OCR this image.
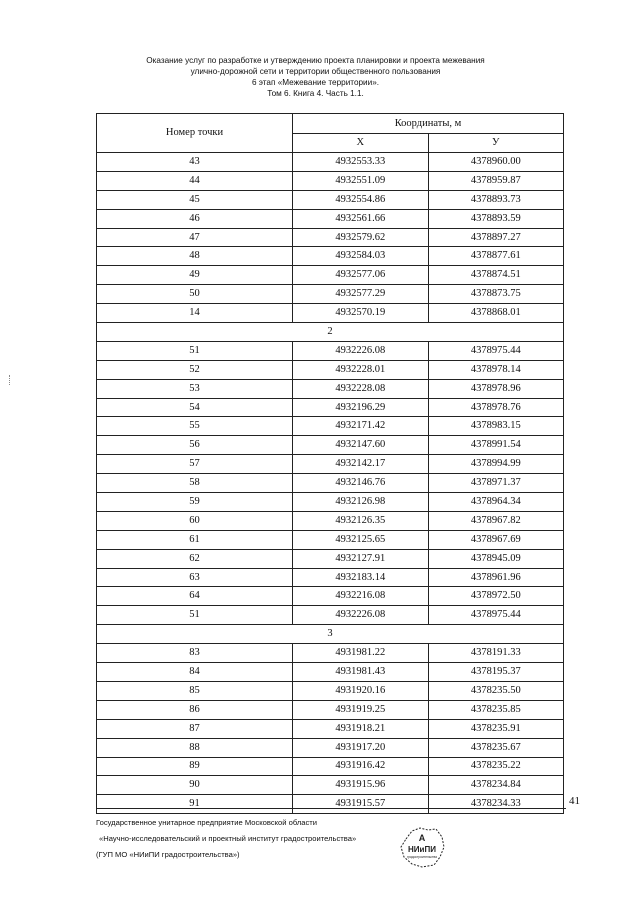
Оказание услуг по разработке и утверждению проекта планировки и проекта межевания
улично-дорожной сети и территории общественного пользования
6 этап «Межевание территории».
Том 6. Книга 4. Часть 1.1.
Номер точки	Координаты, м	
	X	У
43	4932553.33	4378960.00
44	4932551.09	4378959.87
45	4932554.86	4378893.73
46	4932561.66	4378893.59
47	4932579.62	4378897.27
48	4932584.03	4378877.61
49	4932577.06	4378874.51
50	4932577.29	4378873.75
14	4932570.19	4378868.01
2		
51	4932226.08	4378975.44
52	4932228.01	4378978.14
53	4932228.08	4378978.96
54	4932196.29	4378978.76
55	4932171.42	4378983.15
56	4932147.60	4378991.54
57	4932142.17	4378994.99
58	4932146.76	4378971.37
59	4932126.98	4378964.34
60	4932126.35	4378967.82
61	4932125.65	4378967.69
62	4932127.91	4378945.09
63	4932183.14	4378961.96
64	4932216.08	4378972.50
51	4932226.08	4378975.44
3		
83	4931981.22	4378191.33
84	4931981.43	4378195.37
85	4931920.16	4378235.50
86	4931919.25	4378235.85
87	4931918.21	4378235.91
88	4931917.20	4378235.67
89	4931916.42	4378235.22
90	4931915.96	4378234.84
91	4931915.57	4378234.33	41
Государственное унитарное предприятие Московской области
«Научно-исследовательский и проектный институт градостроительства»
(ГУП МО «НИиПИ градостроительства»)
А
НИиПИ
градостроительства
